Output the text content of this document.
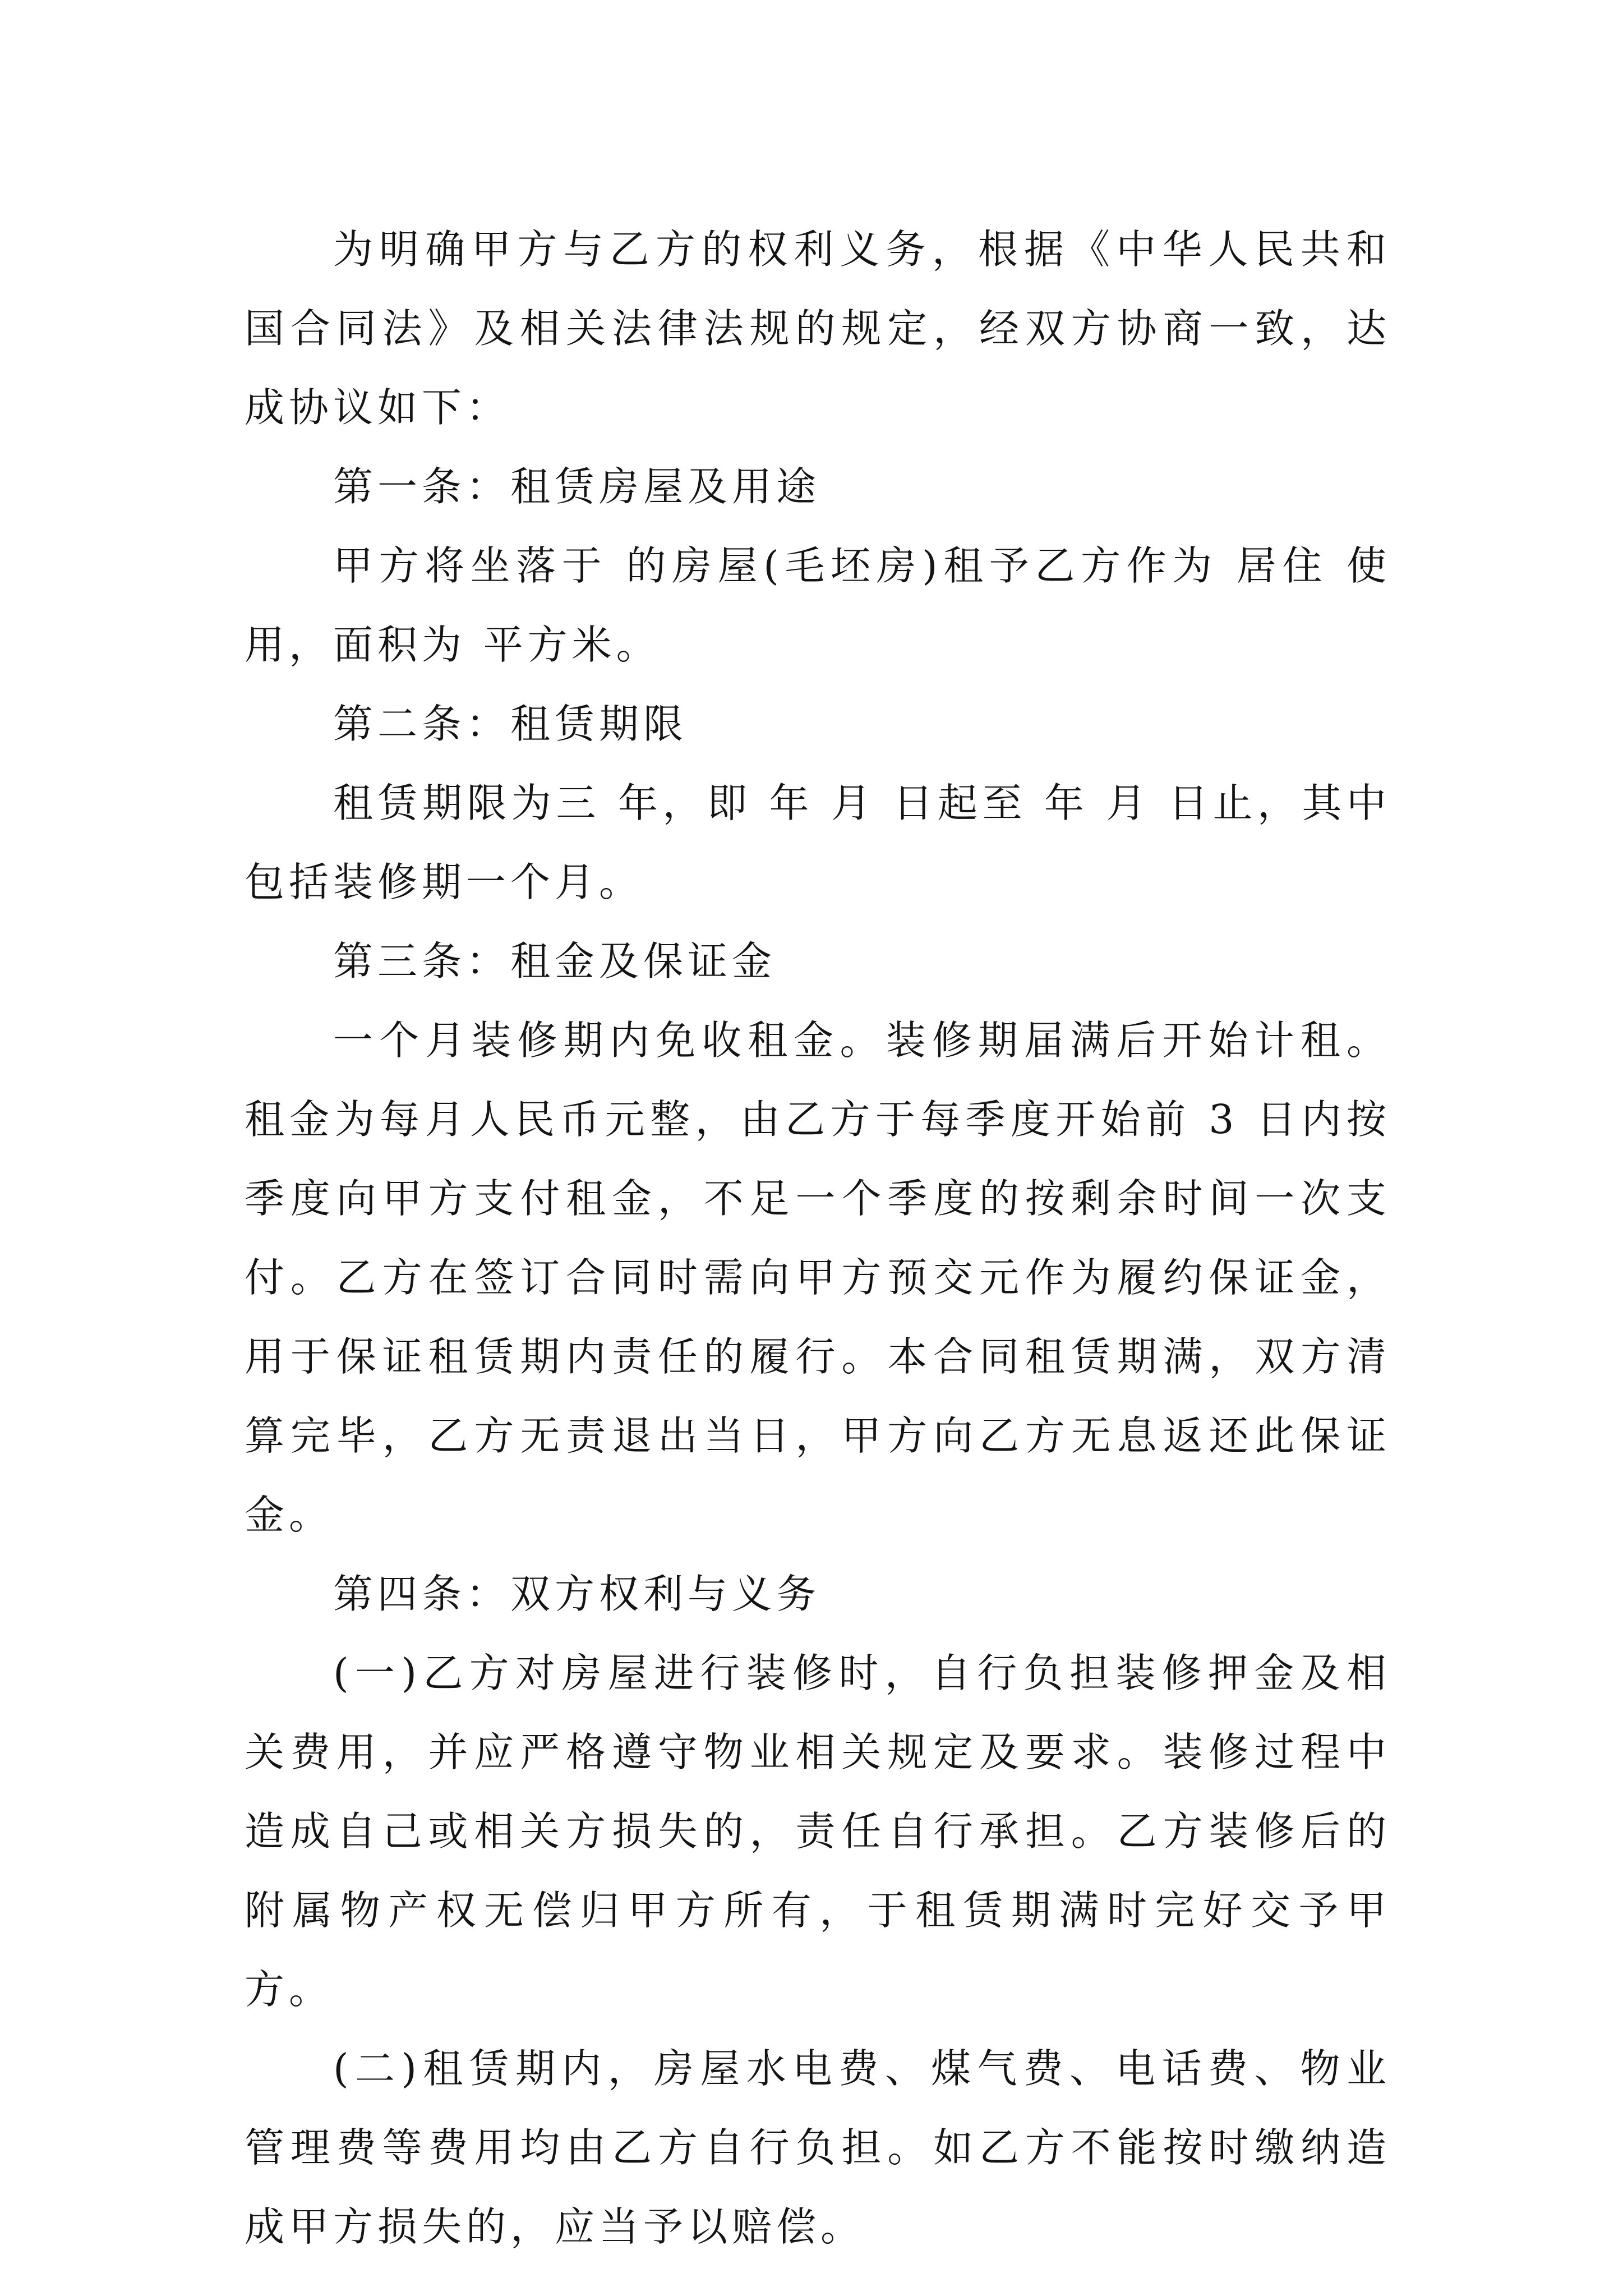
为明确甲方与乙方的权利义务，根据《中华人民共和国合同法》及相关法律法规的规定，经双方协商一致，达成协议如下：

第一条：租赁房屋及用途

甲方将坐落于 的房屋(毛坯房)租予乙方作为 居住 使用，面积为 平方米。

第二条：租赁期限

租赁期限为三 年，即 年 月 日起至 年 月 日止，其中包括装修期一个月。

第三条：租金及保证金

一个月装修期内免收租金。装修期届满后开始计租。租金为每月人民币元整，由乙方于每季度开始前 3 日内按季度向甲方支付租金，不足一个季度的按剩余时间一次支付。乙方在签订合同时需向甲方预交元作为履约保证金，用于保证租赁期内责任的履行。本合同租赁期满，双方清算完毕，乙方无责退出当日，甲方向乙方无息返还此保证金。

第四条：双方权利与义务

(一)乙方对房屋进行装修时，自行负担装修押金及相关费用，并应严格遵守物业相关规定及要求。装修过程中造成自己或相关方损失的，责任自行承担。乙方装修后的附属物产权无偿归甲方所有，于租赁期满时完好交予甲方。

(二)租赁期内，房屋水电费、煤气费、电话费、物业管理费等费用均由乙方自行负担。如乙方不能按时缴纳造成甲方损失的，应当予以赔偿。
